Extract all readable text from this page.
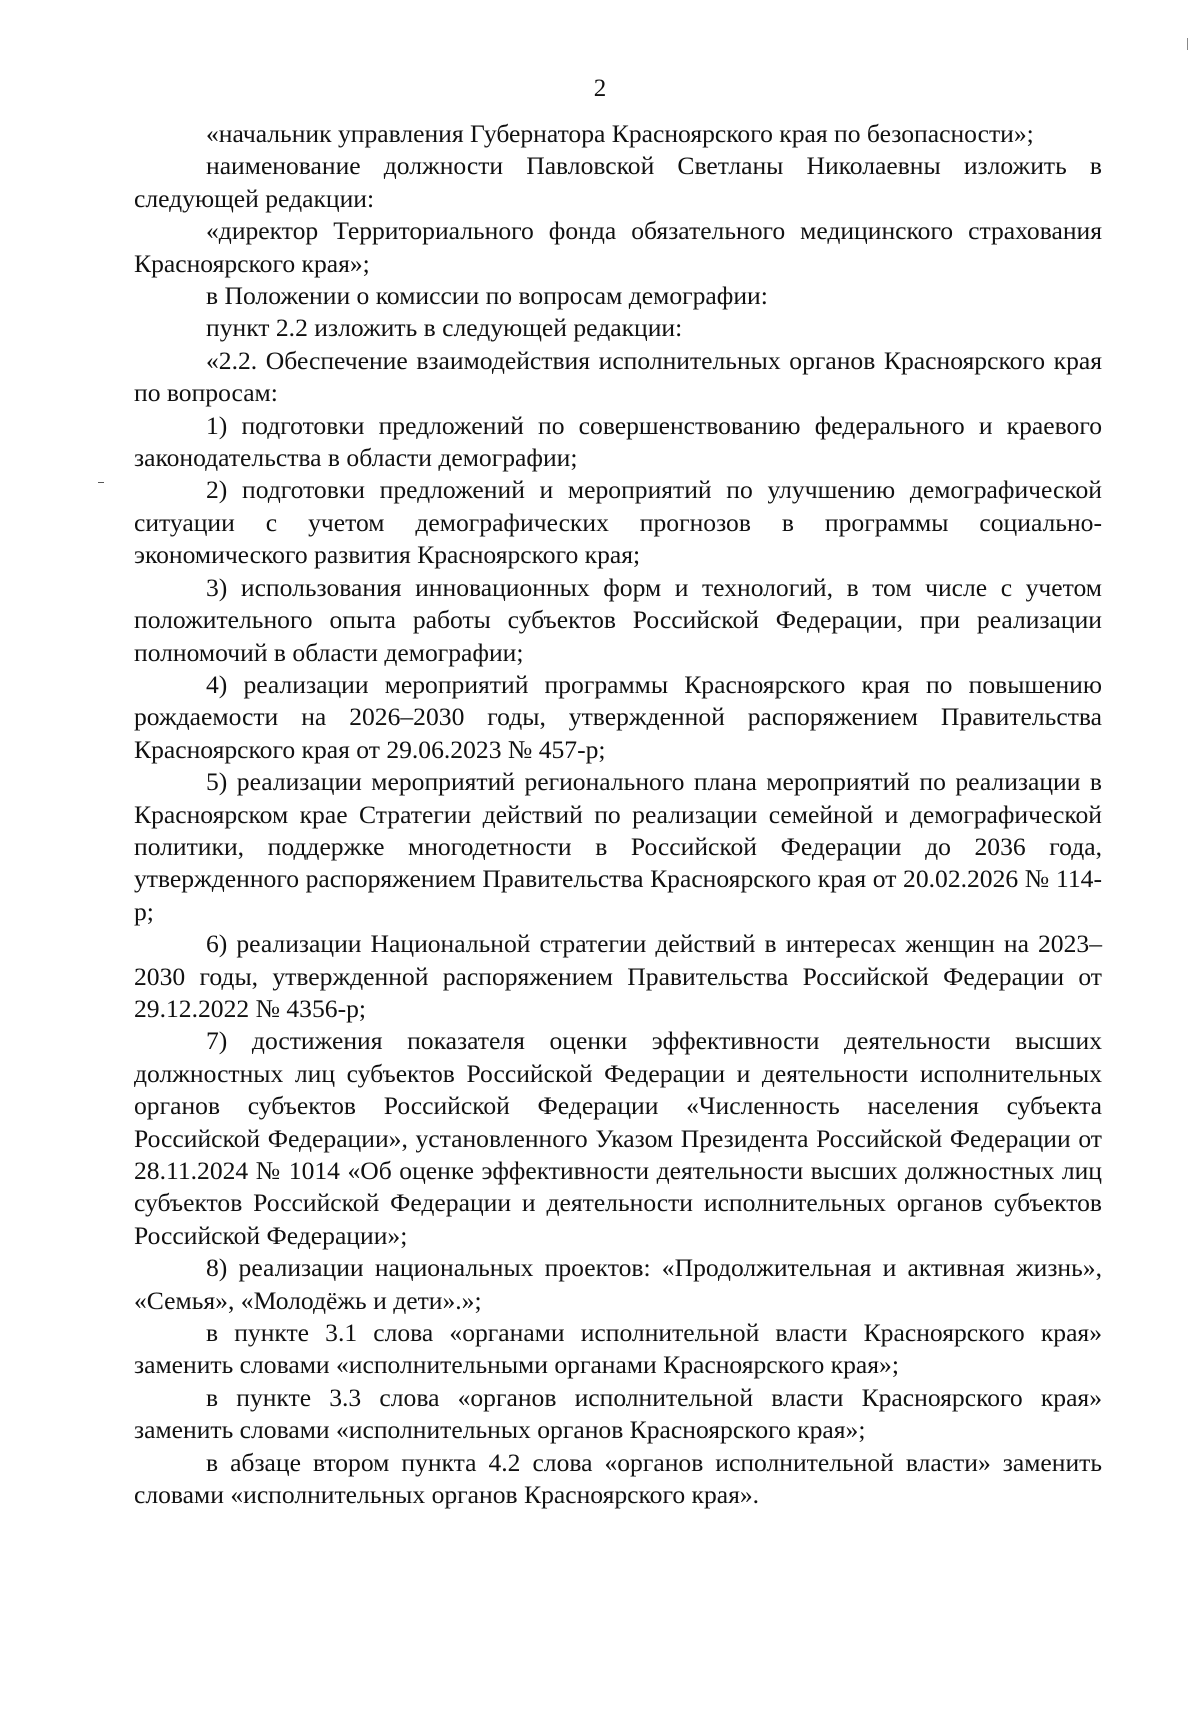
2

«начальник управления Губернатора Красноярского края по безопасности»;

наименование должности Павловской Светланы Николаевны изложить в следующей редакции:

«директор Территориального фонда обязательного медицинского страхования Красноярского края»;

в Положении о комиссии по вопросам демографии:

пункт 2.2 изложить в следующей редакции:

«2.2. Обеспечение взаимодействия исполнительных органов Красноярского края по вопросам:

1) подготовки предложений по совершенствованию федерального и краевого законодательства в области демографии;

2) подготовки предложений и мероприятий по улучшению демографической ситуации с учетом демографических прогнозов в программы социально-экономического развития Красноярского края;

3) использования инновационных форм и технологий, в том числе с учетом положительного опыта работы субъектов Российской Федерации, при реализации полномочий в области демографии;

4) реализации мероприятий программы Красноярского края по повышению рождаемости на 2026–2030 годы, утвержденной распоряжением Правительства Красноярского края от 29.06.2023 № 457-р;

5) реализации мероприятий регионального плана мероприятий по реализации в Красноярском крае Стратегии действий по реализации семейной и демографической политики, поддержке многодетности в Российской Федерации до 2036 года, утвержденного распоряжением Правительства Красноярского края от 20.02.2026 № 114-р;

6) реализации Национальной стратегии действий в интересах женщин на 2023–2030 годы, утвержденной распоряжением Правительства Российской Федерации от 29.12.2022 № 4356-р;

7) достижения показателя оценки эффективности деятельности высших должностных лиц субъектов Российской Федерации и деятельности исполнительных органов субъектов Российской Федерации «Численность населения субъекта Российской Федерации», установленного Указом Президента Российской Федерации от 28.11.2024 № 1014 «Об оценке эффективности деятельности высших должностных лиц субъектов Российской Федерации и деятельности исполнительных органов субъектов Российской Федерации»;

8) реализации национальных проектов: «Продолжительная и активная жизнь», «Семья», «Молодёжь и дети».»;

в пункте 3.1 слова «органами исполнительной власти Красноярского края» заменить словами «исполнительными органами Красноярского края»;

в пункте 3.3 слова «органов исполнительной власти Красноярского края» заменить словами «исполнительных органов Красноярского края»;

в абзаце втором пункта 4.2 слова «органов исполнительной власти» заменить словами «исполнительных органов Красноярского края».
